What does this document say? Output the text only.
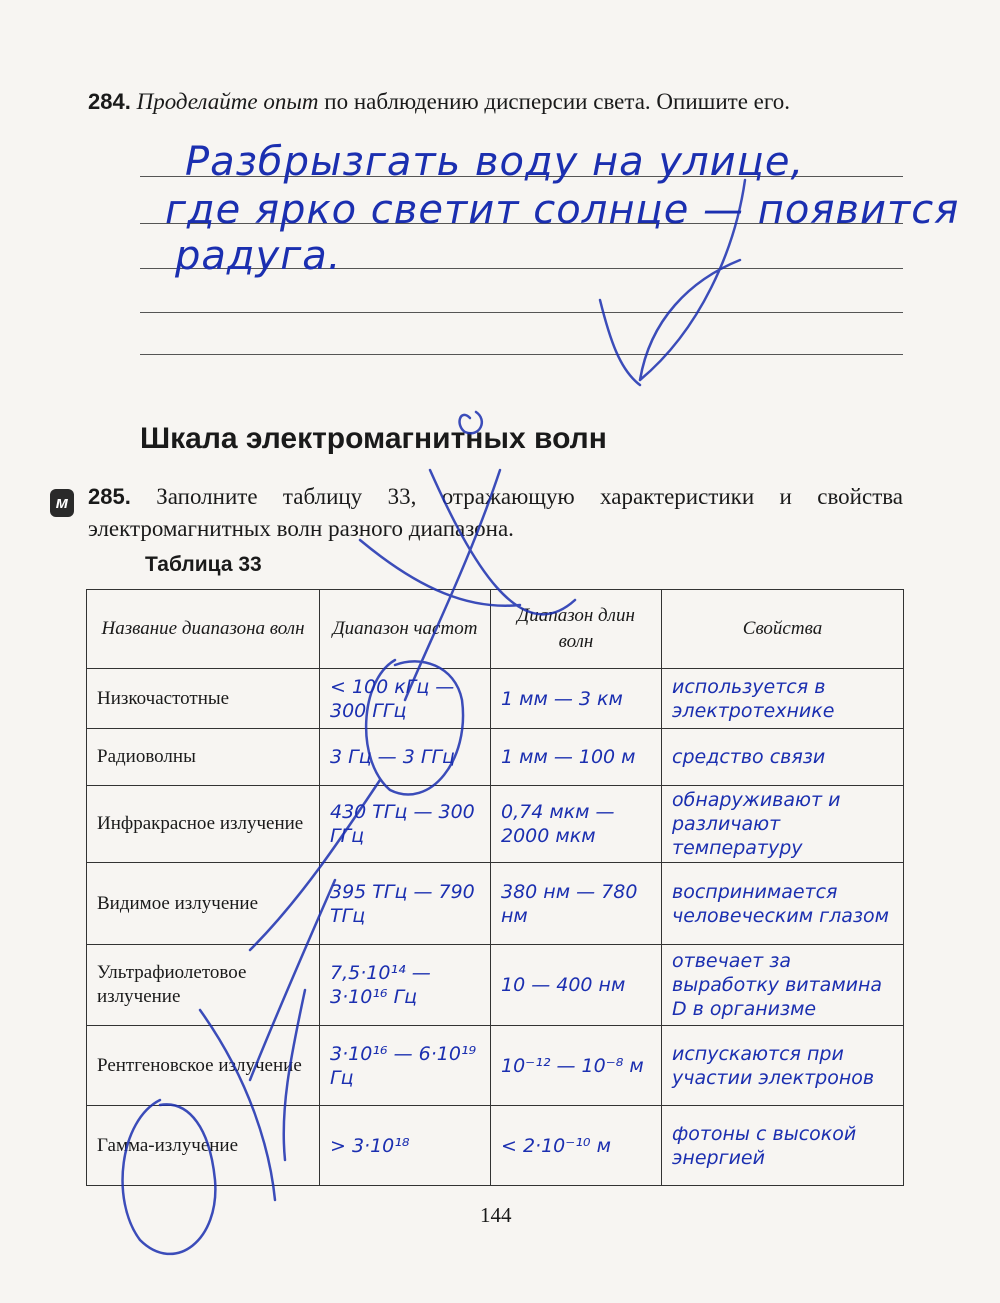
284. Проделайте опыт по наблюдению дисперсии света. Опишите его.
Разбрызгать воду на улице,
где ярко светит солнце — появится
радуга.
Шкала электромагнитных волн
м 285. Заполните таблицу 33, отражающую характеристики и свойства электромагнитных волн разного диапазона.
Таблица 33
Название диапазона волн	Диапазон частот	Диапазон длин волн	Свойства
Низкочастотные	< 100 кГц — 300 ГГц	1 мм — 3 км	используется в электротехнике
Радиоволны	3 Гц — 3 ГГц	1 мм — 100 м	средство связи
Инфракрасное излучение	430 ТГц — 300 ГГц	0,74 мкм — 2000 мкм	обнаруживают и различают температуру
Видимое излучение	395 ТГц — 790 ТГц	380 нм — 780 нм	воспринимается человеческим глазом
Ультрафиолетовое излучение	7,5·10¹⁴ — 3·10¹⁶ Гц	10 — 400 нм	отвечает за выработку витамина D в организме
Рентгеновское излучение	3·10¹⁶ — 6·10¹⁹ Гц	10⁻¹² — 10⁻⁸ м	испускаются при участии электронов
Гамма-излучение	> 3·10¹⁸	< 2·10⁻¹⁰ м	фотоны с высокой энергией
144
